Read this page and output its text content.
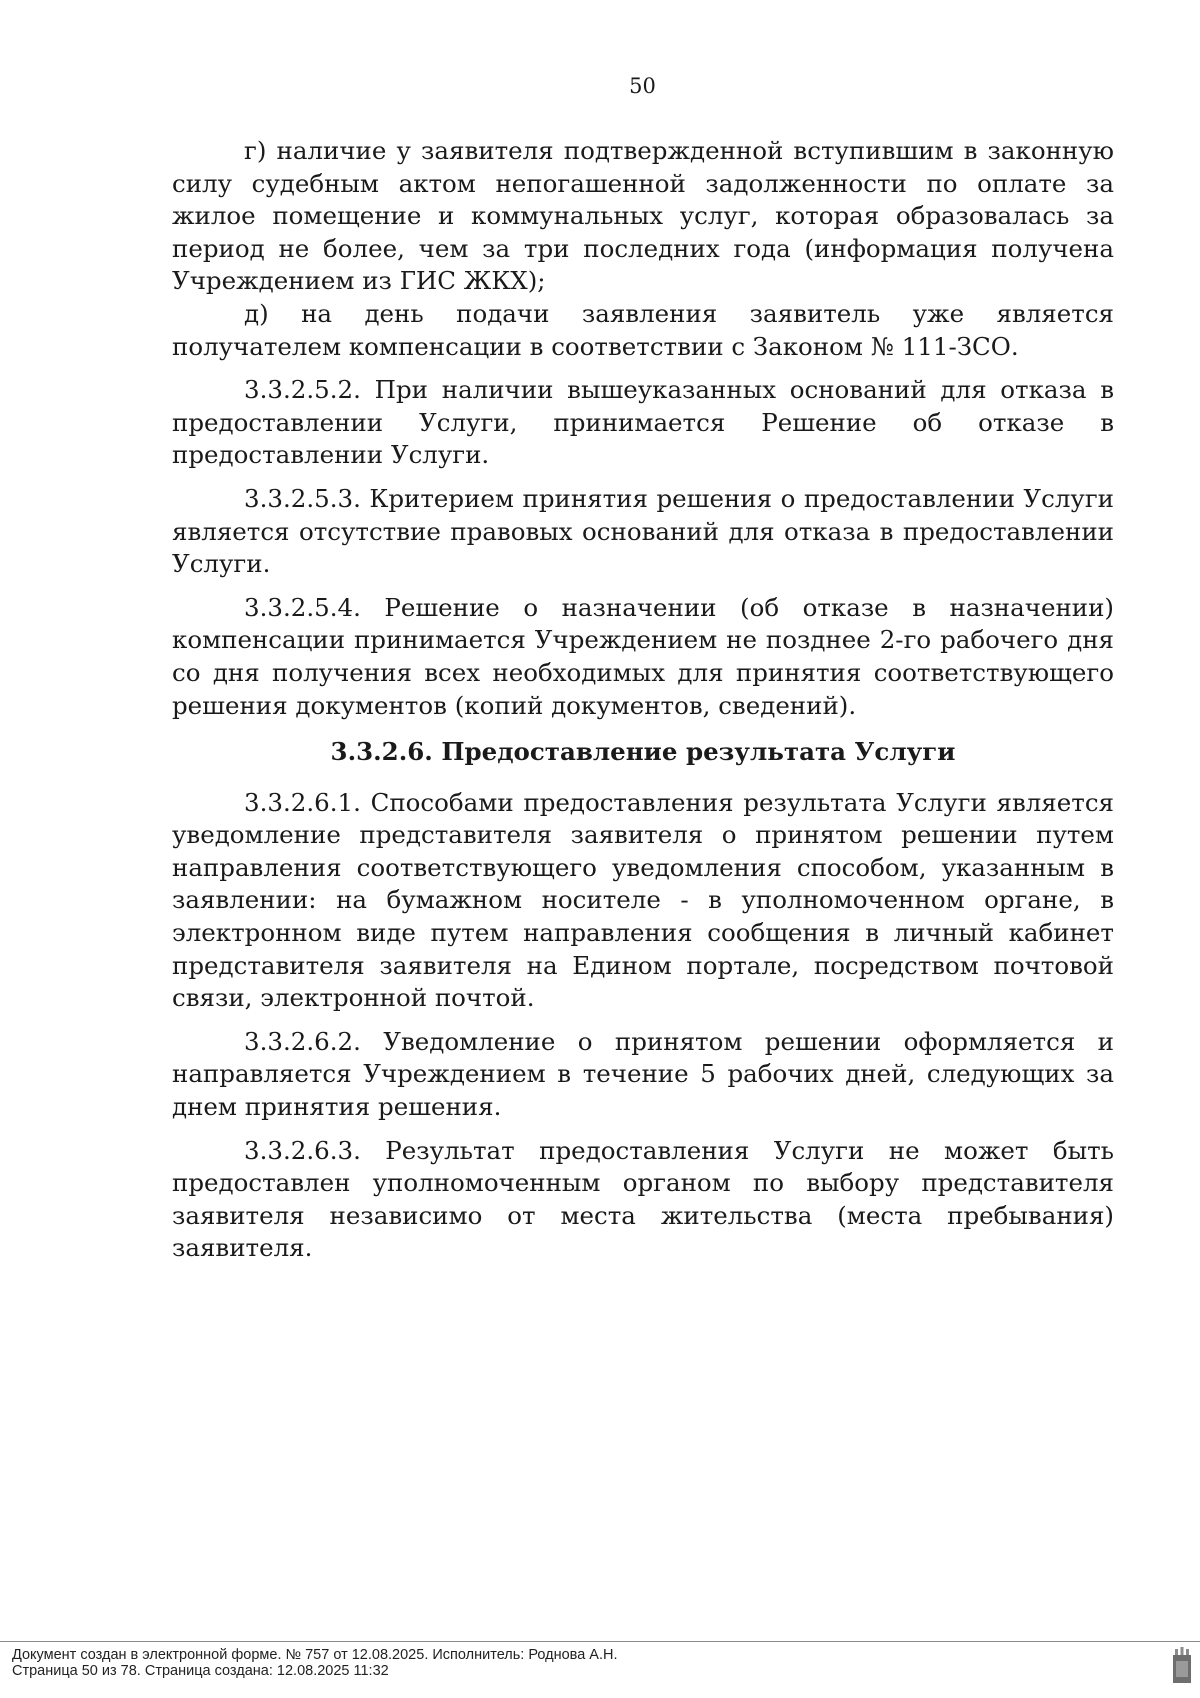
50

г) наличие у заявителя подтвержденной вступившим в законную силу судебным актом непогашенной задолженности по оплате за жилое помещение и коммунальных услуг, которая образовалась за период не более, чем за три последних года (информация получена Учреждением из ГИС ЖКХ);

д) на день подачи заявления заявитель уже является получателем компенсации в соответствии с Законом № 111-ЗСО.

3.3.2.5.2. При наличии вышеуказанных оснований для отказа в предоставлении Услуги, принимается Решение об отказе в предоставлении Услуги.

3.3.2.5.3. Критерием принятия решения о предоставлении Услуги является отсутствие правовых оснований для отказа в предоставлении Услуги.

3.3.2.5.4. Решение о назначении (об отказе в назначении) компенсации принимается Учреждением не позднее 2-го рабочего дня со дня получения всех необходимых для принятия соответствующего решения документов (копий документов, сведений).

3.3.2.6. Предоставление результата Услуги

3.3.2.6.1. Способами предоставления результата Услуги является уведомление представителя заявителя о принятом решении путем направления соответствующего уведомления способом, указанным в заявлении: на бумажном носителе - в уполномоченном органе, в электронном виде путем направления сообщения в личный кабинет представителя заявителя на Едином портале, посредством почтовой связи, электронной почтой.

3.3.2.6.2. Уведомление о принятом решении оформляется и направляется Учреждением в течение 5 рабочих дней, следующих за днем принятия решения.

3.3.2.6.3. Результат предоставления Услуги не может быть предоставлен уполномоченным органом по выбору представителя заявителя независимо от места жительства (места пребывания) заявителя.

Документ создан в электронной форме. № 757 от 12.08.2025. Исполнитель: Роднова А.Н.
Страница 50 из 78. Страница создана: 12.08.2025 11:32
